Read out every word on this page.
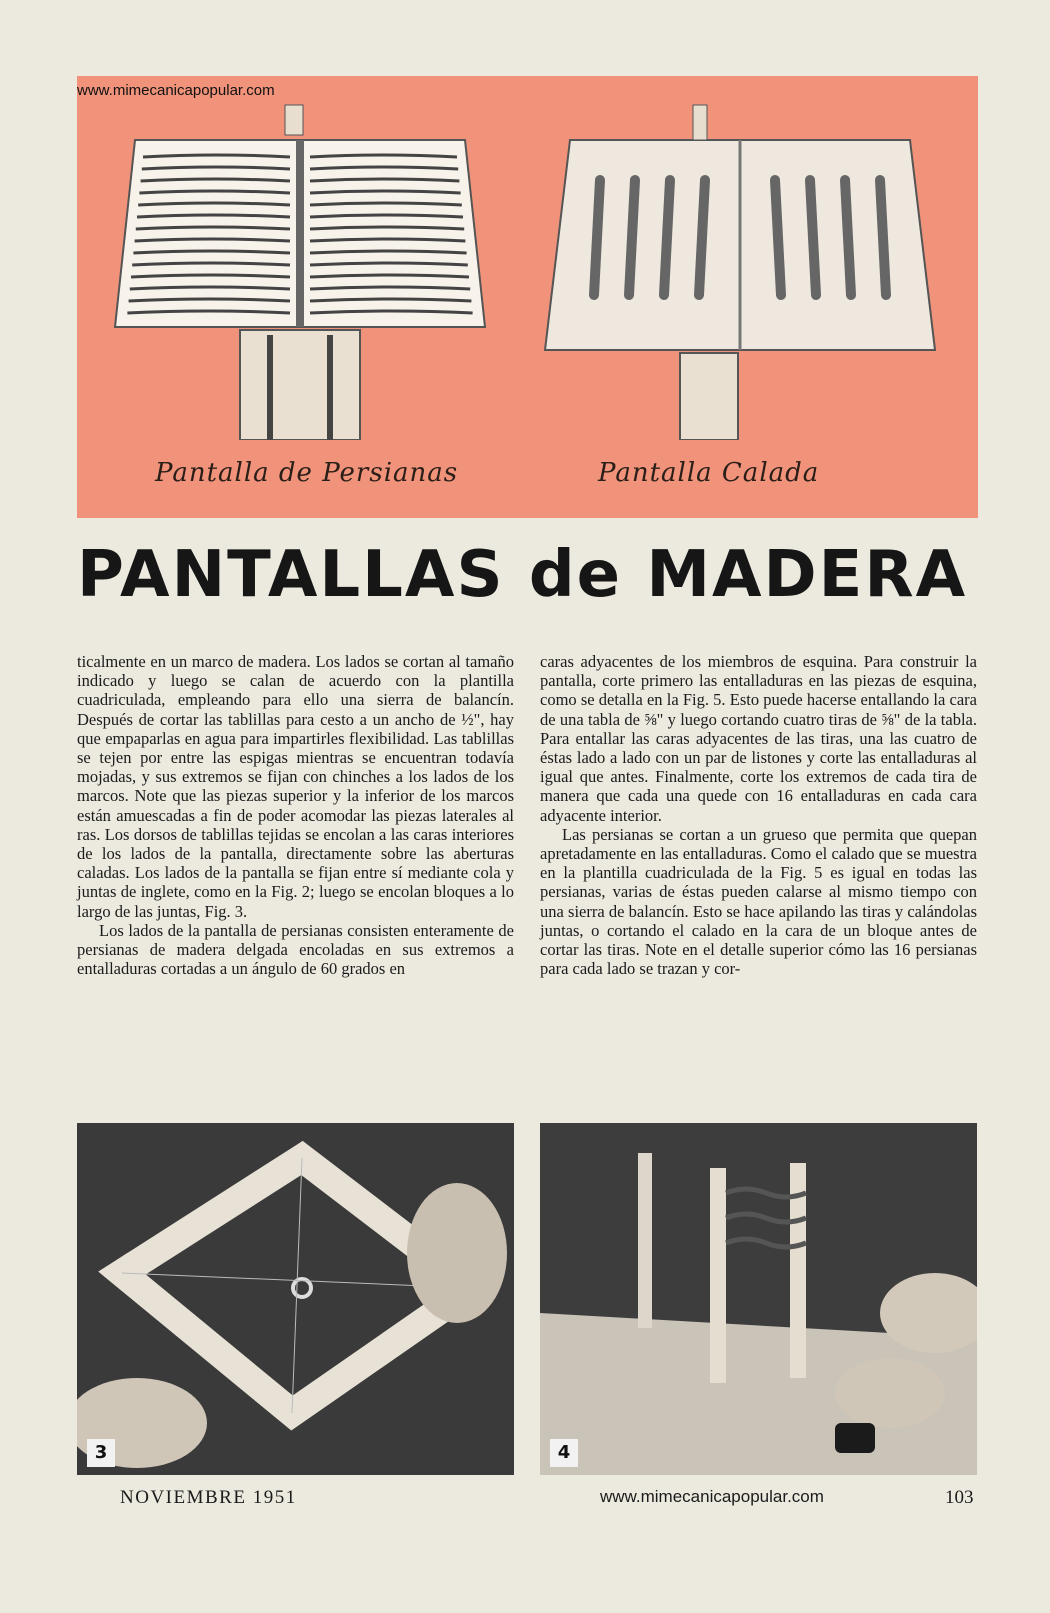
www.mimecanicapopular.com
Pantalla de Persianas	Pantalla Calada
PANTALLAS de MADERA

ticalmente en un marco de madera. Los lados se cortan al tamaño indicado y luego se calan de acuerdo con la plantilla cuadriculada, empleando para ello una sierra de balancín. Después de cortar las tablillas para cesto a un ancho de ½", hay que empaparlas en agua para impartirles flexibilidad. Las tablillas se tejen por entre las espigas mientras se encuentran todavía mojadas, y sus extremos se fijan con chinches a los lados de los marcos. Note que las piezas superior y la inferior de los marcos están amuescadas a fin de poder acomodar las piezas laterales al ras. Los dorsos de tablillas tejidas se encolan a las caras interiores de los lados de la pantalla, directamente sobre las aberturas caladas. Los lados de la pantalla se fijan entre sí mediante cola y juntas de inglete, como en la Fig. 2; luego se encolan bloques a lo largo de las juntas, Fig. 3.

Los lados de la pantalla de persianas consisten enteramente de persianas de madera delgada encoladas en sus extremos a entalladuras cortadas a un ángulo de 60 grados en

caras adyacentes de los miembros de esquina. Para construir la pantalla, corte primero las entalladuras en las piezas de esquina, como se detalla en la Fig. 5. Esto puede hacerse entallando la cara de una tabla de ⅝" y luego cortando cuatro tiras de ⅝" de la tabla. Para entallar las caras adyacentes de las tiras, una las cuatro de éstas lado a lado con un par de listones y corte las entalladuras al igual que antes. Finalmente, corte los extremos de cada tira de manera que cada una quede con 16 entalladuras en cada cara adyacente interior.

Las persianas se cortan a un grueso que permita que quepan apretadamente en las entalladuras. Como el calado que se muestra en la plantilla cuadriculada de la Fig. 5 es igual en todas las persianas, varias de éstas pueden calarse al mismo tiempo con una sierra de balancín. Esto se hace apilando las tiras y calándolas juntas, o cortando el calado en la cara de un bloque antes de cortar las tiras. Note en el detalle superior cómo las 16 persianas para cada lado se trazan y cor-

3	4
NOVIEMBRE 1951	www.mimecanicapopular.com	103
